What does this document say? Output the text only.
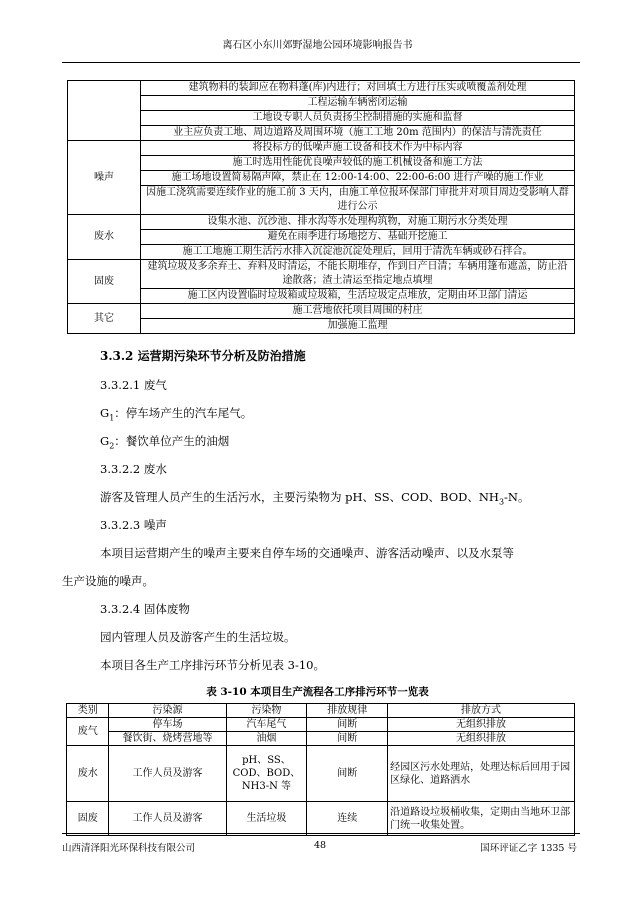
离石区小东川郊野湿地公园环境影响报告书
	建筑物料的装卸应在物料蓬(库)内进行；对回填土方进行压实或喷覆盖剂处理
	工程运输车辆密闭运输
	工地设专职人员负责扬尘控制措施的实施和监督
	业主应负责工地、周边道路及周围环境（施工工地 20m 范围内）的保洁与清洗责任
噪声	将投标方的低噪声施工设备和技术作为中标内容
	施工时选用性能优良噪声较低的施工机械设备和施工方法
	施工场地设置简易隔声障，禁止在 12:00-14:00、22:00-6:00 进行产噪的施工作业
	因施工浇筑需要连续作业的施工前 3 天内，由施工单位报环保部门审批并对项目周边受影响人群进行公示
废水	设集水池、沉沙池、排水沟等水处理构筑物，对施工期污水分类处理
	避免在雨季进行场地挖方、基础开挖施工
	施工工地施工期生活污水排入沉淀池沉淀处理后，回用于清洗车辆或砂石拌合。
固废	建筑垃圾及多余弃土、弃料及时清运，不能长期堆存，作到日产日清；车辆用篷布遮盖，防止沿途散落；渣土清运至指定地点填埋
	施工区内设置临时垃圾箱或垃圾箱，生活垃圾定点堆放，定期由环卫部门清运
其它	施工营地依托项目周围的村庄
	加强施工监理
3.3.2 运营期污染环节分析及防治措施
3.3.2.1 废气
$G_1$：停车场产生的汽车尾气。
$G_2$：餐饮单位产生的油烟
3.3.2.2 废水
游客及管理人员产生的生活污水，主要污染物为 pH、SS、COD、BOD、$NH_3-N$。
3.3.2.3 噪声
本项目运营期产生的噪声主要来自停车场的交通噪声、游客活动噪声、以及水泵等
生产设施的噪声。
3.3.2.4 固体废物
园内管理人员及游客产生的生活垃圾。
本项目各生产工序排污环节分析见表 3-10。
表 3-10 本项目生产流程各工序排污环节一览表
类别	污染源	污染物	排放规律	排放方式
废气	停车场	汽车尾气	间断	无组织排放
	餐饮街、烧烤营地等	油烟	间断	无组织排放
废水	工作人员及游客	pH、SS、COD、BOD、NH3-N 等	间断	经园区污水处理站，处理达标后回用于园区绿化、道路洒水
固废	工作人员及游客	生活垃圾	连续	沿道路设垃圾桶收集，定期由当地环卫部门统一收集处置。
山西清泽阳光环保科技有限公司	48	国环评证乙字 1335 号
